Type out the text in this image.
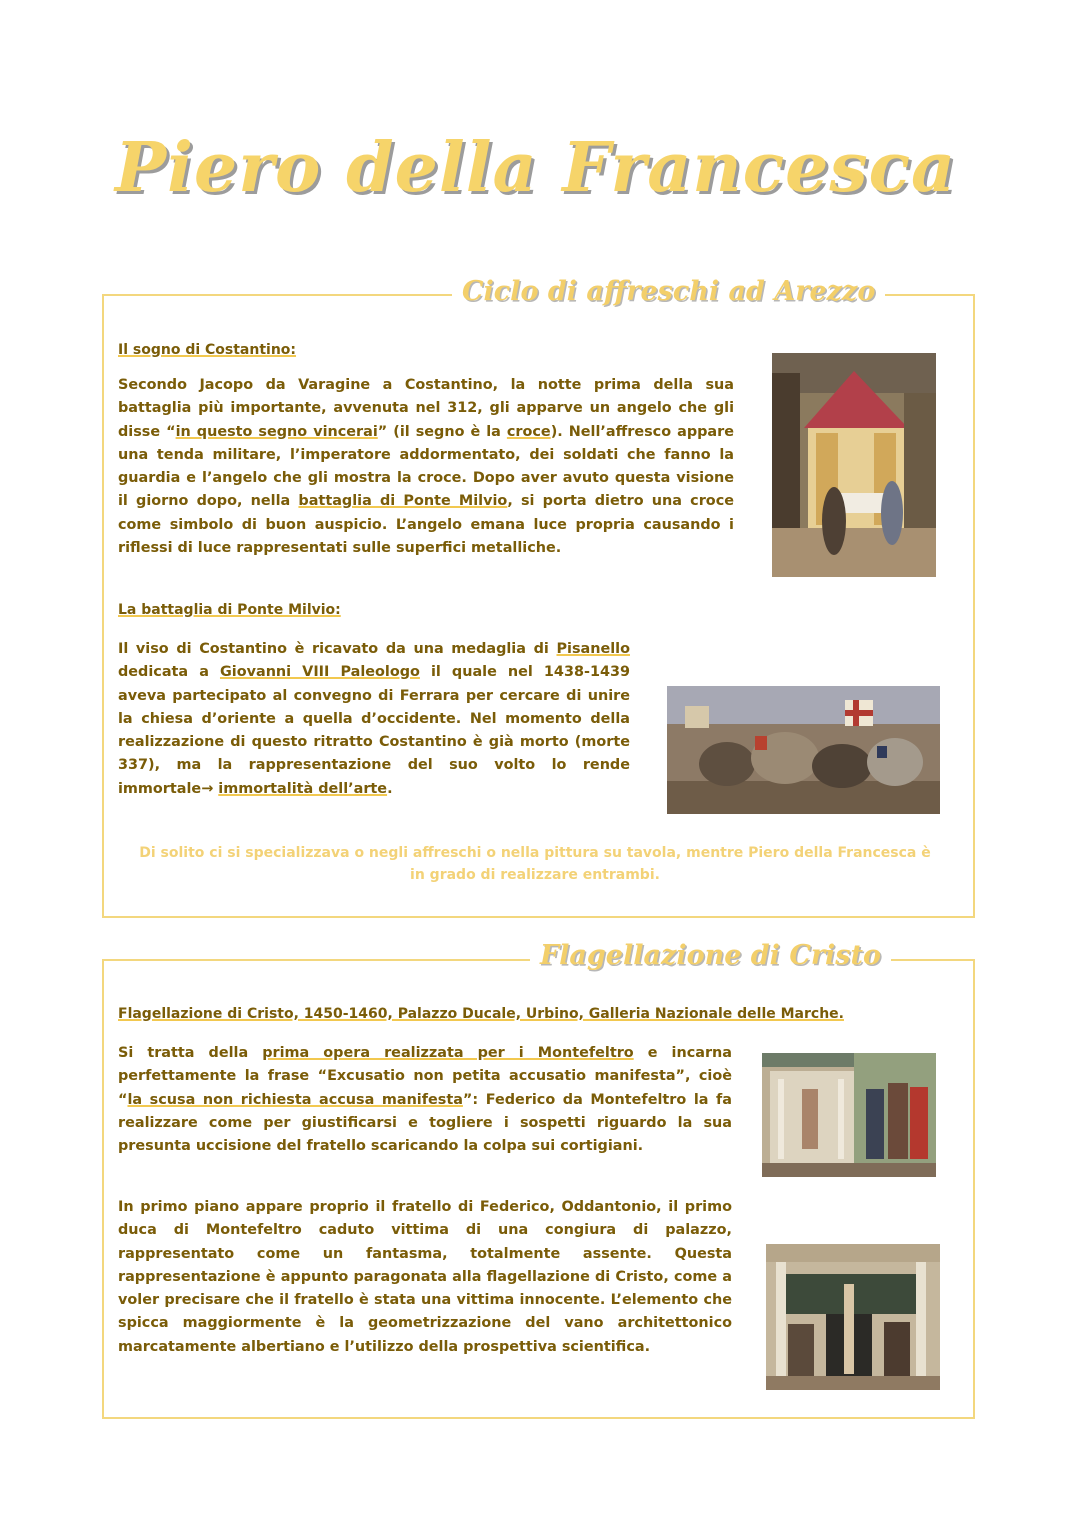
Piero della Francesca
Ciclo di affreschi ad Arezzo
Il sogno di Costantino:

Secondo Jacopo da Varagine a Costantino, la notte prima della sua battaglia più importante, avvenuta nel 312, gli apparve un angelo che gli disse “in questo segno vincerai” (il segno è la croce). Nell’affresco appare una tenda militare, l’imperatore addormentato, dei soldati che fanno la guardia e l’angelo che gli mostra la croce. Dopo aver avuto questa visione il giorno dopo, nella battaglia di Ponte Milvio, si porta dietro una croce come simbolo di buon auspicio. L’angelo emana luce propria causando i riflessi di luce rappresentati sulle superfici metalliche.

La battaglia di Ponte Milvio:

Il viso di Costantino è ricavato da una medaglia di Pisanello dedicata a Giovanni VIII Paleologo il quale nel 1438-1439 aveva partecipato al convegno di Ferrara per cercare di unire la chiesa d’oriente a quella d’occidente. Nel momento della realizzazione di questo ritratto Costantino è già morto (morte 337), ma la rappresentazione del suo volto lo rende immortale→ immortalità dell’arte.

Di solito ci si specializzava o negli affreschi o nella pittura su tavola, mentre Piero della Francesca è in grado di realizzare entrambi.

Flagellazione di Cristo
Flagellazione di Cristo, 1450-1460, Palazzo Ducale, Urbino, Galleria Nazionale delle Marche.

Si tratta della prima opera realizzata per i Montefeltro e incarna perfettamente la frase “Excusatio non petita accusatio manifesta”, cioè “la scusa non richiesta accusa manifesta”: Federico da Montefeltro la fa realizzare come per giustificarsi e togliere i sospetti riguardo la sua presunta uccisione del fratello scaricando la colpa sui cortigiani.

In primo piano appare proprio il fratello di Federico, Oddantonio, il primo duca di Montefeltro caduto vittima di una congiura di palazzo, rappresentato come un fantasma, totalmente assente. Questa rappresentazione è appunto paragonata alla flagellazione di Cristo, come a voler precisare che il fratello è stata una vittima innocente. L’elemento che spicca maggiormente è la geometrizzazione del vano architettonico marcatamente albertiano e l’utilizzo della prospettiva scientifica.
